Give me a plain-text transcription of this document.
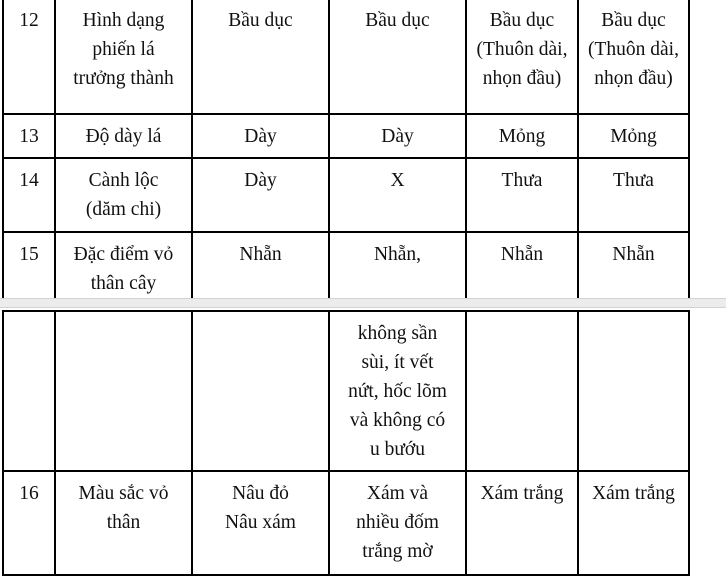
12	Hình dạng
phiến lá
trưởng thành	Bầu dục	Bầu dục	Bầu dục
(Thuôn dài,
nhọn đầu)	Bầu dục
(Thuôn dài,
nhọn đầu)

13	Độ dày lá	Dày	Dày	Mỏng	Mỏng

14	Cành lộc
(dăm chi)	Dày	X	Thưa	Thưa

15	Đặc điểm vỏ
thân cây	Nhẵn	Nhẵn,	Nhẵn	Nhẵn

			không sần
sùi, ít vết
nứt, hốc lõm
và không có
u bướu		

16	Màu sắc vỏ
thân	Nâu đỏ
Nâu xám	Xám và
nhiều đốm
trắng mờ	Xám trắng	Xám trắng
